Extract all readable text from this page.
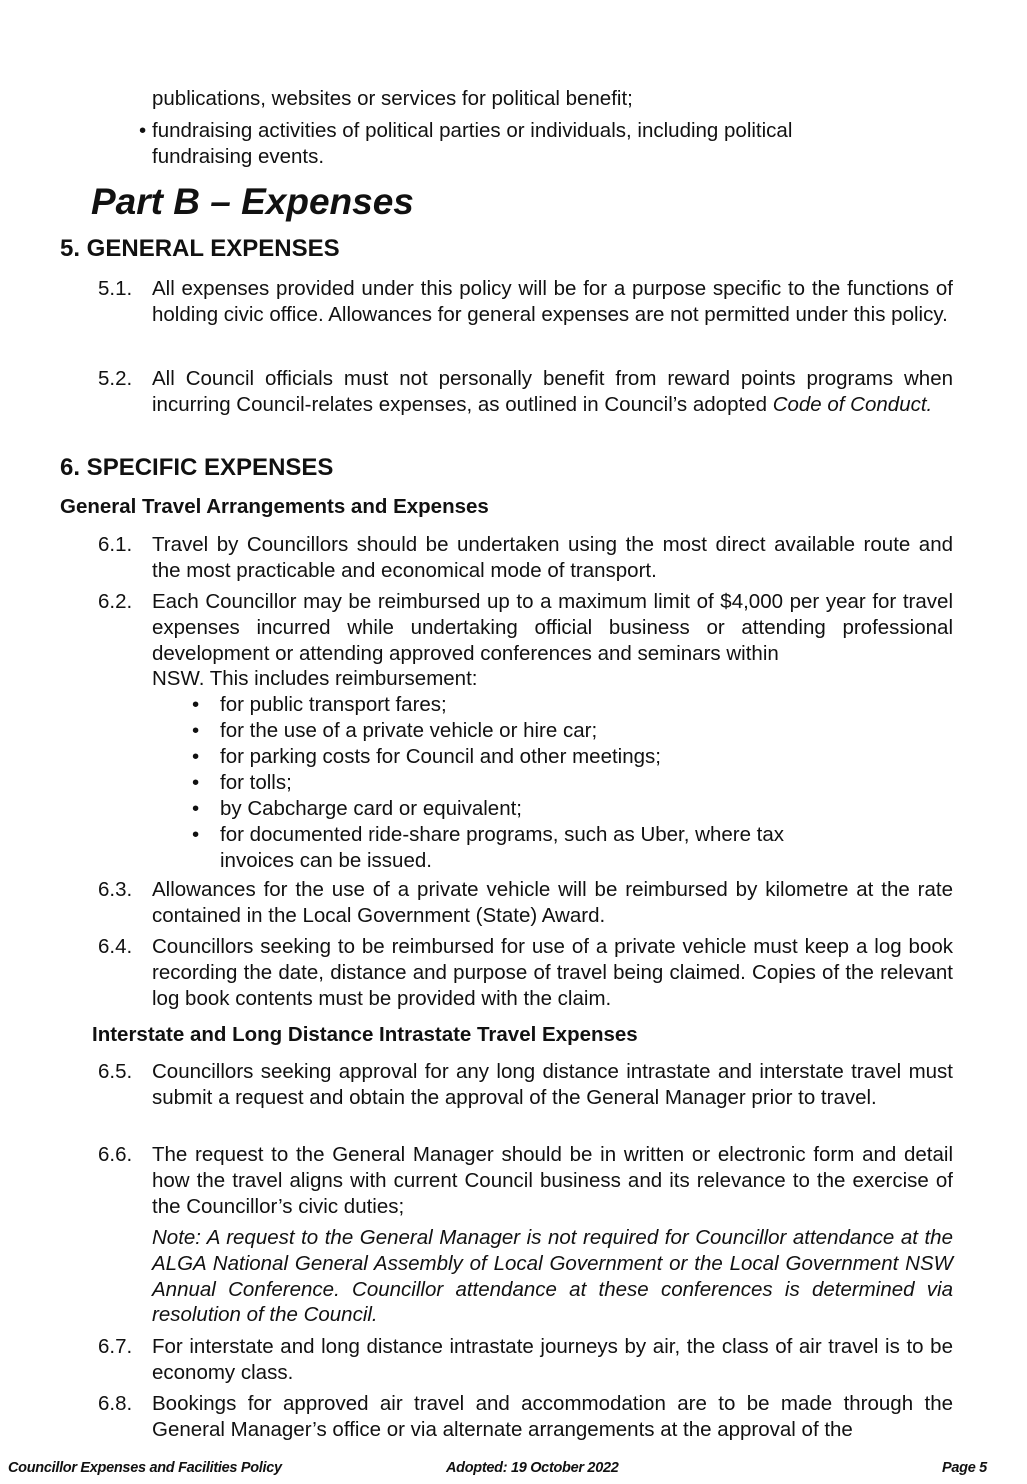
publications, websites or services for political benefit;
• fundraising activities of political parties or individuals, including political
fundraising events.
Part B – Expenses
5. GENERAL EXPENSES
5.1. All expenses provided under this policy will be for a purpose specific to the functions of holding civic office. Allowances for general expenses are not permitted under this policy.
5.2. All Council officials must not personally benefit from reward points programs when incurring Council-relates expenses, as outlined in Council’s adopted Code of Conduct.
6. SPECIFIC EXPENSES
General Travel Arrangements and Expenses
6.1. Travel by Councillors should be undertaken using the most direct available route and the most practicable and economical mode of transport.
6.2. Each Councillor may be reimbursed up to a maximum limit of $4,000 per year for travel expenses incurred while undertaking official business or attending professional development or attending approved conferences and seminars within
NSW. This includes reimbursement:
• for public transport fares;
• for the use of a private vehicle or hire car;
• for parking costs for Council and other meetings;
• for tolls;
• by Cabcharge card or equivalent;
• for documented ride-share programs, such as Uber, where tax
invoices can be issued.
6.3. Allowances for the use of a private vehicle will be reimbursed by kilometre at the rate contained in the Local Government (State) Award.
6.4. Councillors seeking to be reimbursed for use of a private vehicle must keep a log book recording the date, distance and purpose of travel being claimed. Copies of the relevant log book contents must be provided with the claim.
Interstate and Long Distance Intrastate Travel Expenses
6.5. Councillors seeking approval for any long distance intrastate and interstate travel must submit a request and obtain the approval of the General Manager prior to travel.
6.6. The request to the General Manager should be in written or electronic form and detail how the travel aligns with current Council business and its relevance to the exercise of the Councillor’s civic duties;
Note: A request to the General Manager is not required for Councillor attendance at the ALGA National General Assembly of Local Government or the Local Government NSW Annual Conference. Councillor attendance at these conferences is determined via resolution of the Council.
6.7. For interstate and long distance intrastate journeys by air, the class of air travel is to be economy class.
6.8. Bookings for approved air travel and accommodation are to be made through the General Manager’s office or via alternate arrangements at the approval of the
Councillor Expenses and Facilities Policy	Adopted: 19 October 2022	Page 5
